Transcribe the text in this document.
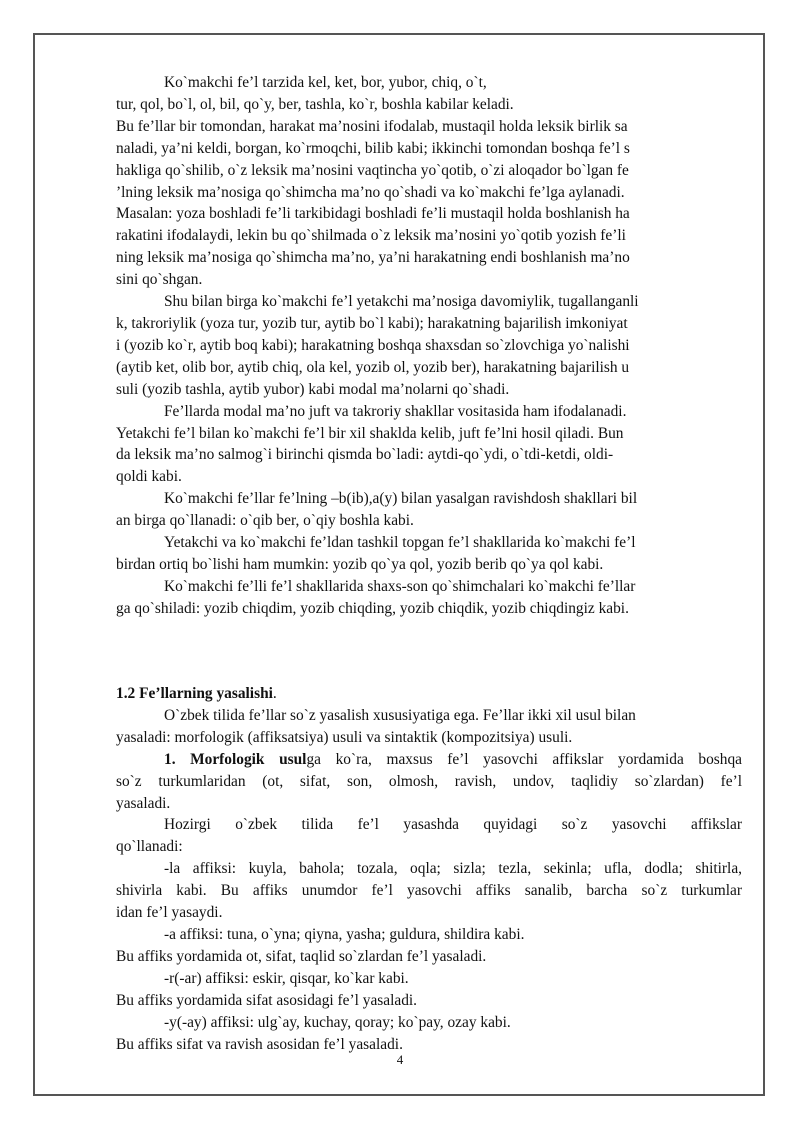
Ko`makchi fe’l tarzida kel, ket, bor, yubor, chiq, o`t,

tur, qol, bo`l, ol, bil, qo`y, ber, tashla, ko`r, boshla kabilar keladi.

Bu fe’llar bir tomondan, harakat ma’nosini ifodalab, mustaqil holda leksik birlik sa
naladi, ya’ni keldi, borgan, ko`rmoqchi, bilib kabi; ikkinchi tomondan boshqa fe’l s
hakliga qo`shilib, o`z leksik ma’nosini vaqtincha yo`qotib, o`zi aloqador bo`lgan fe
’lning leksik ma’nosiga qo`shimcha ma’no qo`shadi va ko`makchi fe’lga aylanadi.

Masalan: yoza boshladi fe’li tarkibidagi boshladi fe’li mustaqil holda boshlanish ha
rakatini ifodalaydi, lekin bu qo`shilmada o`z leksik ma’nosini yo`qotib yozish fe’li
ning leksik ma’nosiga qo`shimcha ma’no, ya’ni harakatning endi boshlanish ma’no
sini qo`shgan.

Shu bilan birga ko`makchi fe’l yetakchi ma’nosiga davomiylik, tugallanganli
k, takroriylik (yoza tur, yozib tur, aytib bo`l kabi); harakatning bajarilish imkoniyat
i (yozib ko`r, aytib boq kabi); harakatning boshqa shaxsdan so`zlovchiga yo`nalishi
(aytib ket, olib bor, aytib chiq, ola kel, yozib ol, yozib ber), harakatning bajarilish u
suli (yozib tashla, aytib yubor) kabi modal ma’nolarni qo`shadi.

Fe’llarda modal ma’no juft va takroriy shakllar vositasida ham ifodalanadi.
Yetakchi fe’l bilan ko`makchi fe’l bir xil shaklda kelib, juft fe’lni hosil qiladi. Bun
da leksik ma’no salmog`i birinchi qismda bo`ladi: aytdi-qo`ydi, o`tdi-ketdi, oldi-
qoldi kabi.

Ko`makchi fe’llar fe’lning –b(ib),a(y) bilan yasalgan ravishdosh shakllari bil
an birga qo`llanadi: o`qib ber, o`qiy boshla kabi.

Yetakchi va ko`makchi fe’ldan tashkil topgan fe’l shakllarida ko`makchi fe’l
birdan ortiq bo`lishi ham mumkin: yozib qo`ya qol, yozib berib qo`ya qol kabi.

Ko`makchi fe’lli fe’l shakllarida shaxs-son qo`shimchalari ko`makchi fe’llar
ga qo`shiladi: yozib chiqdim, yozib chiqding, yozib chiqdik, yozib chiqdingiz kabi.

1.2 Fe’llarning yasalishi.

O`zbek tilida fe’llar so`z yasalish xususiyatiga ega. Fe’llar ikki xil usul bilan
yasaladi: morfologik (affiksatsiya) usuli va sintaktik (kompozitsiya) usuli.

1. Morfologik usulga ko`ra, maxsus fe’l yasovchi affikslar yordamida boshqa
so`z turkumlaridan (ot, sifat, son, olmosh, ravish, undov, taqlidiy so`zlardan) fe’l
yasaladi.

Hozirgi o`zbek tilida fe’l yasashda quyidagi so`z yasovchi affikslar
qo`llanadi:

-la affiksi: kuyla, bahola; tozala, oqla; sizla; tezla, sekinla; ufla, dodla; shitirla,
shivirla kabi. Bu affiks unumdor fe’l yasovchi affiks sanalib, barcha so`z turkumlar
idan fe’l yasaydi.

-a affiksi: tuna, o`yna; qiyna, yasha; guldura, shildira kabi.

Bu affiks yordamida ot, sifat, taqlid so`zlardan fe’l yasaladi.

-r(-ar) affiksi: eskir, qisqar, ko`kar kabi.

Bu affiks yordamida sifat asosidagi fe’l yasaladi.

-y(-ay) affiksi: ulg`ay, kuchay, qoray; ko`pay, ozay kabi.

Bu affiks sifat va ravish asosidan fe’l yasaladi.

4
